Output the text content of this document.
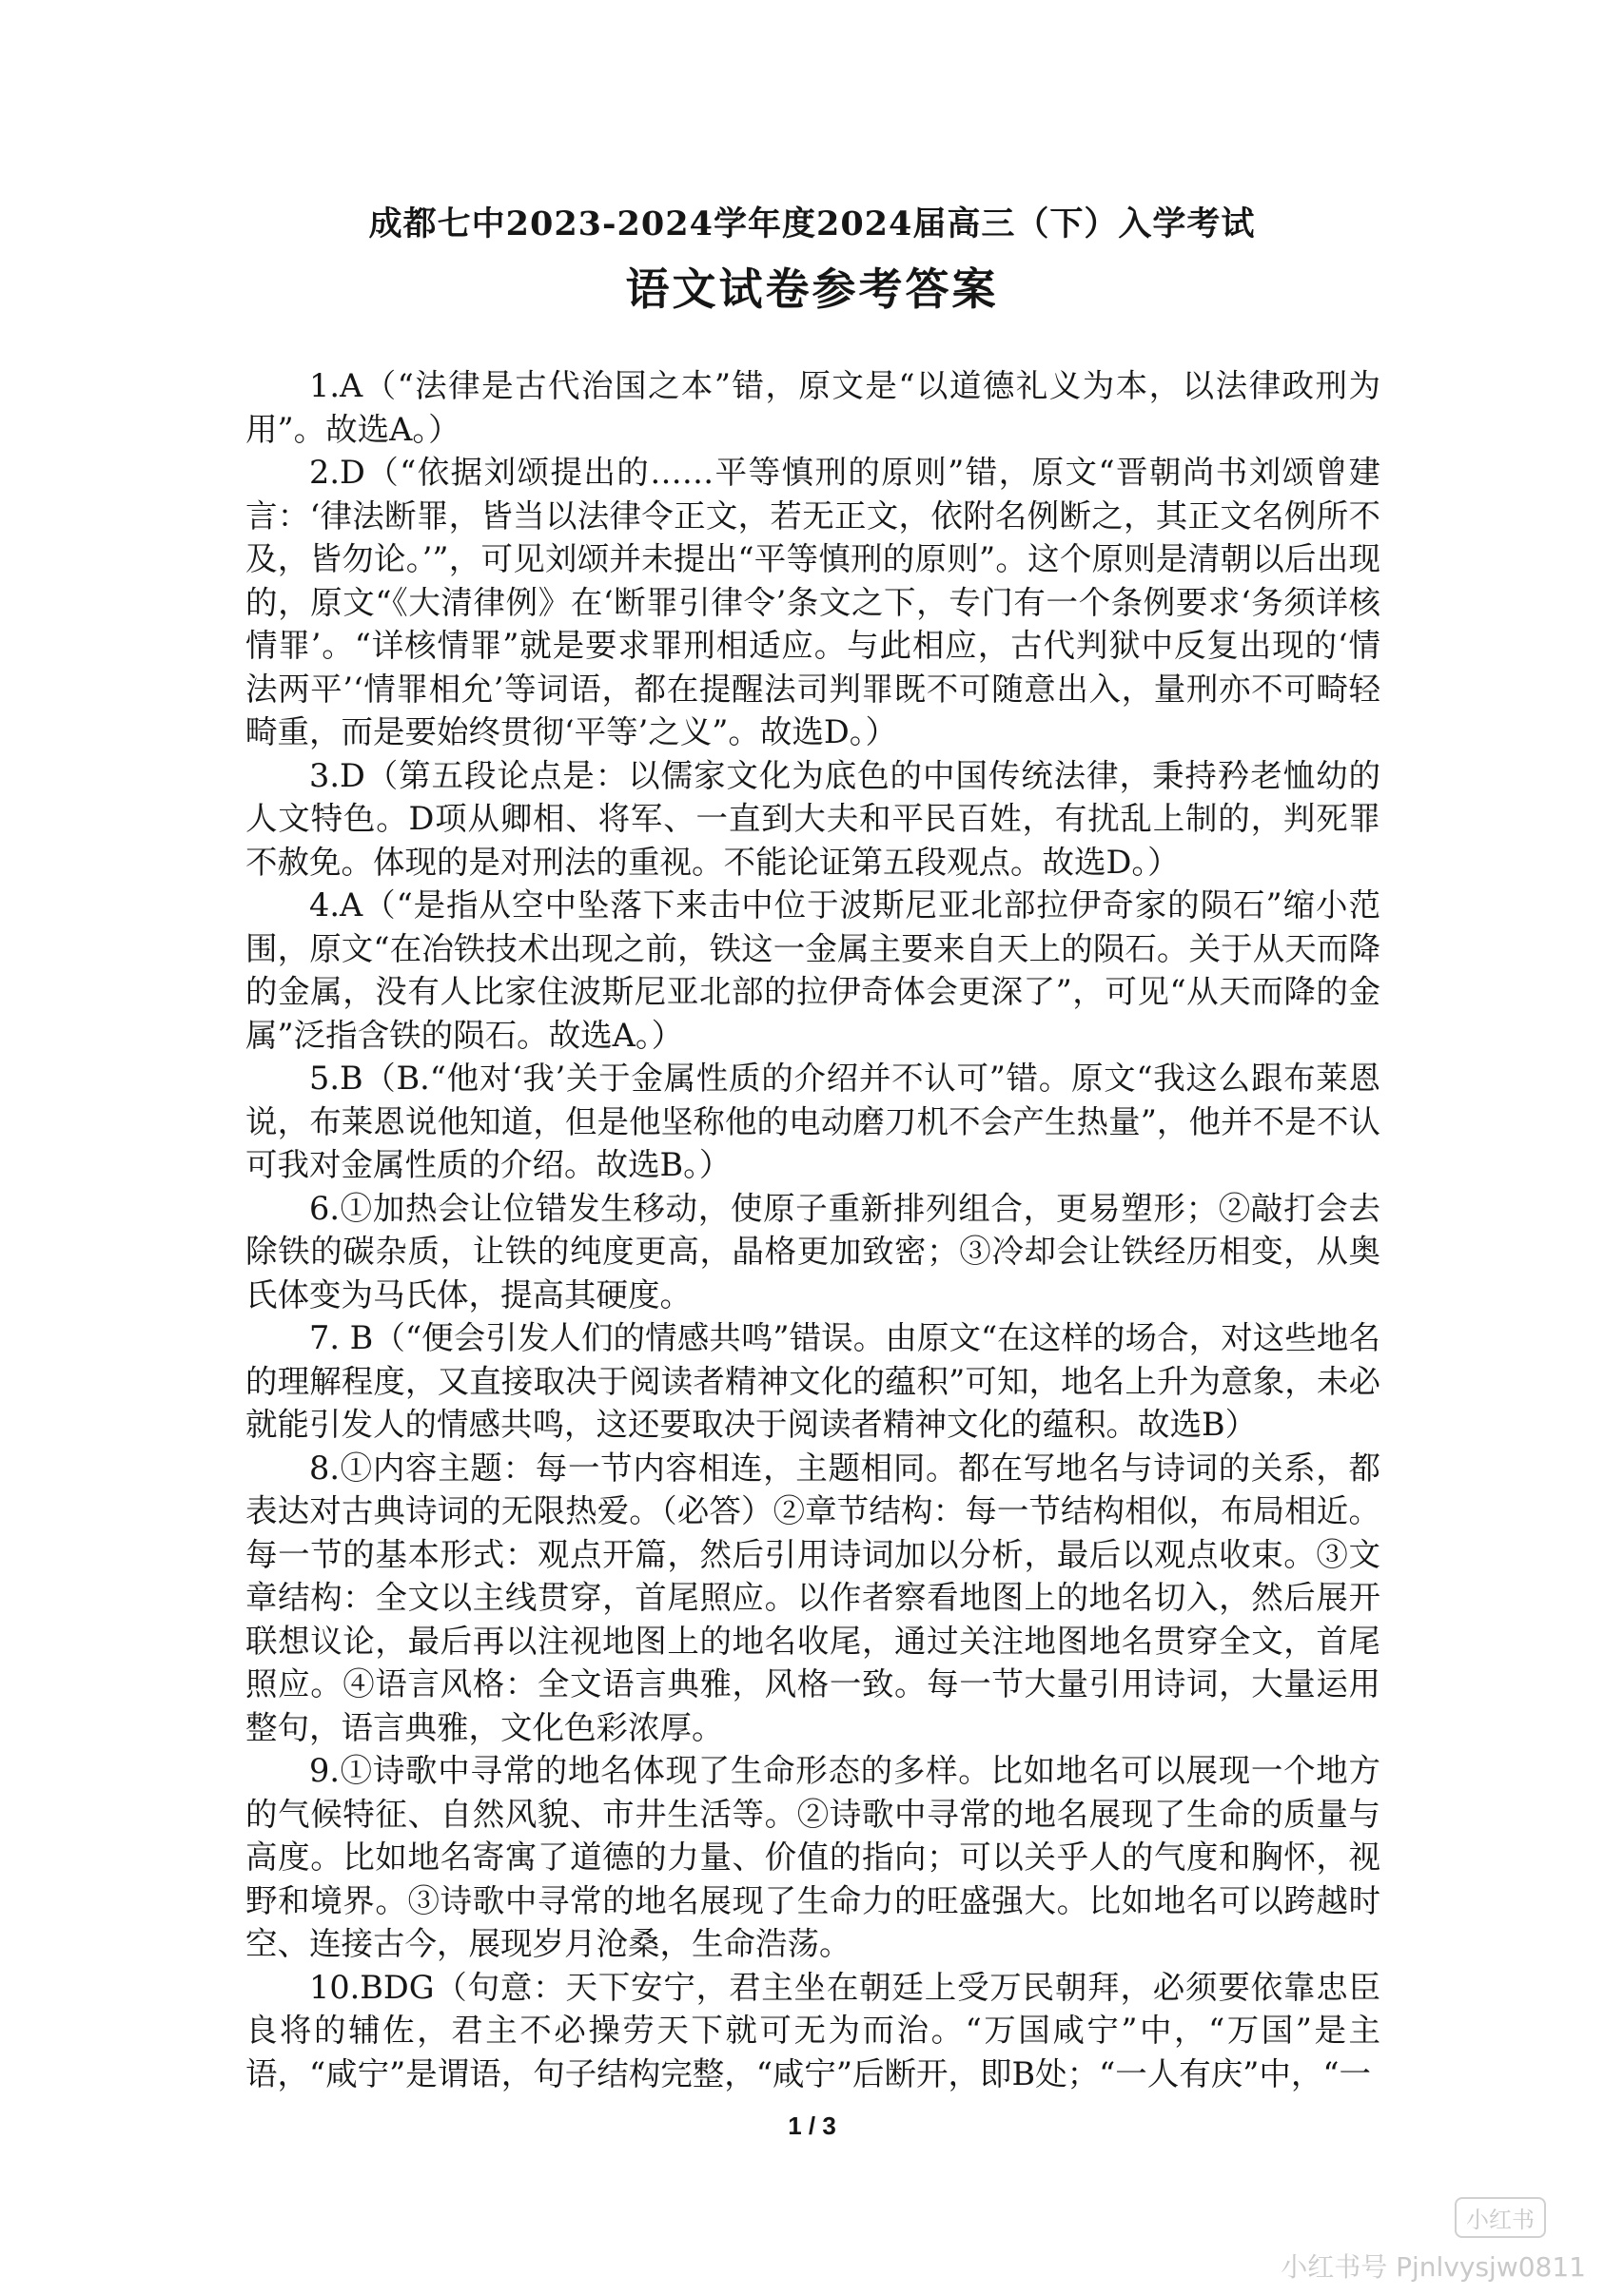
成都七中2023-2024学年度2024届高三（下）入学考试
语文试卷参考答案

1.A（“法律是古代治国之本”错，原文是“以道德礼义为本，以法律政刑为用”。故选A。）

2.D（“依据刘颂提出的……平等慎刑的原则”错，原文“晋朝尚书刘颂曾建言：‘律法断罪，皆当以法律令正文，若无正文，依附名例断之，其正文名例所不及，皆勿论。’”，可见刘颂并未提出“平等慎刑的原则”。这个原则是清朝以后出现的，原文“《大清律例》在‘断罪引律令’条文之下，专门有一个条例要求‘务须详核情罪’。“详核情罪”就是要求罪刑相适应。与此相应，古代判狱中反复出现的‘情法两平’‘情罪相允’等词语，都在提醒法司判罪既不可随意出入，量刑亦不可畸轻畸重，而是要始终贯彻‘平等’之义”。故选D。）

3.D（第五段论点是：以儒家文化为底色的中国传统法律，秉持矜老恤幼的人文特色。D项从卿相、将军、一直到大夫和平民百姓，有扰乱上制的，判死罪不赦免。体现的是对刑法的重视。不能论证第五段观点。故选D。）

4.A（“是指从空中坠落下来击中位于波斯尼亚北部拉伊奇家的陨石”缩小范围，原文“在冶铁技术出现之前，铁这一金属主要来自天上的陨石。关于从天而降的金属，没有人比家住波斯尼亚北部的拉伊奇体会更深了”，可见“从天而降的金属”泛指含铁的陨石。故选A。）

5.B（B.“他对‘我’关于金属性质的介绍并不认可”错。原文“我这么跟布莱恩说，布莱恩说他知道，但是他坚称他的电动磨刀机不会产生热量”，他并不是不认可我对金属性质的介绍。故选B。）

6.①加热会让位错发生移动，使原子重新排列组合，更易塑形；②敲打会去除铁的碳杂质，让铁的纯度更高，晶格更加致密；③冷却会让铁经历相变，从奥氏体变为马氏体，提高其硬度。

7. B（“便会引发人们的情感共鸣”错误。由原文“在这样的场合，对这些地名的理解程度，又直接取决于阅读者精神文化的蕴积”可知，地名上升为意象，未必就能引发人的情感共鸣，这还要取决于阅读者精神文化的蕴积。故选B）

8.①内容主题：每一节内容相连，主题相同。都在写地名与诗词的关系，都表达对古典诗词的无限热爱。（必答）②章节结构：每一节结构相似，布局相近。每一节的基本形式：观点开篇，然后引用诗词加以分析，最后以观点收束。③文章结构：全文以主线贯穿，首尾照应。以作者察看地图上的地名切入，然后展开联想议论，最后再以注视地图上的地名收尾，通过关注地图地名贯穿全文，首尾照应。④语言风格：全文语言典雅，风格一致。每一节大量引用诗词，大量运用整句，语言典雅，文化色彩浓厚。

9.①诗歌中寻常的地名体现了生命形态的多样。比如地名可以展现一个地方的气候特征、自然风貌、市井生活等。②诗歌中寻常的地名展现了生命的质量与高度。比如地名寄寓了道德的力量、价值的指向；可以关乎人的气度和胸怀，视野和境界。③诗歌中寻常的地名展现了生命力的旺盛强大。比如地名可以跨越时空、连接古今，展现岁月沧桑，生命浩荡。

10.BDG（句意：天下安宁，君主坐在朝廷上受万民朝拜，必须要依靠忠臣良将的辅佐，君主不必操劳天下就可无为而治。“万国咸宁”中，“万国”是主语，“咸宁”是谓语，句子结构完整，“咸宁”后断开，即B处；“一人有庆”中，“一

1 / 3
小红书
小红书号 Pjnlvysjw0811
